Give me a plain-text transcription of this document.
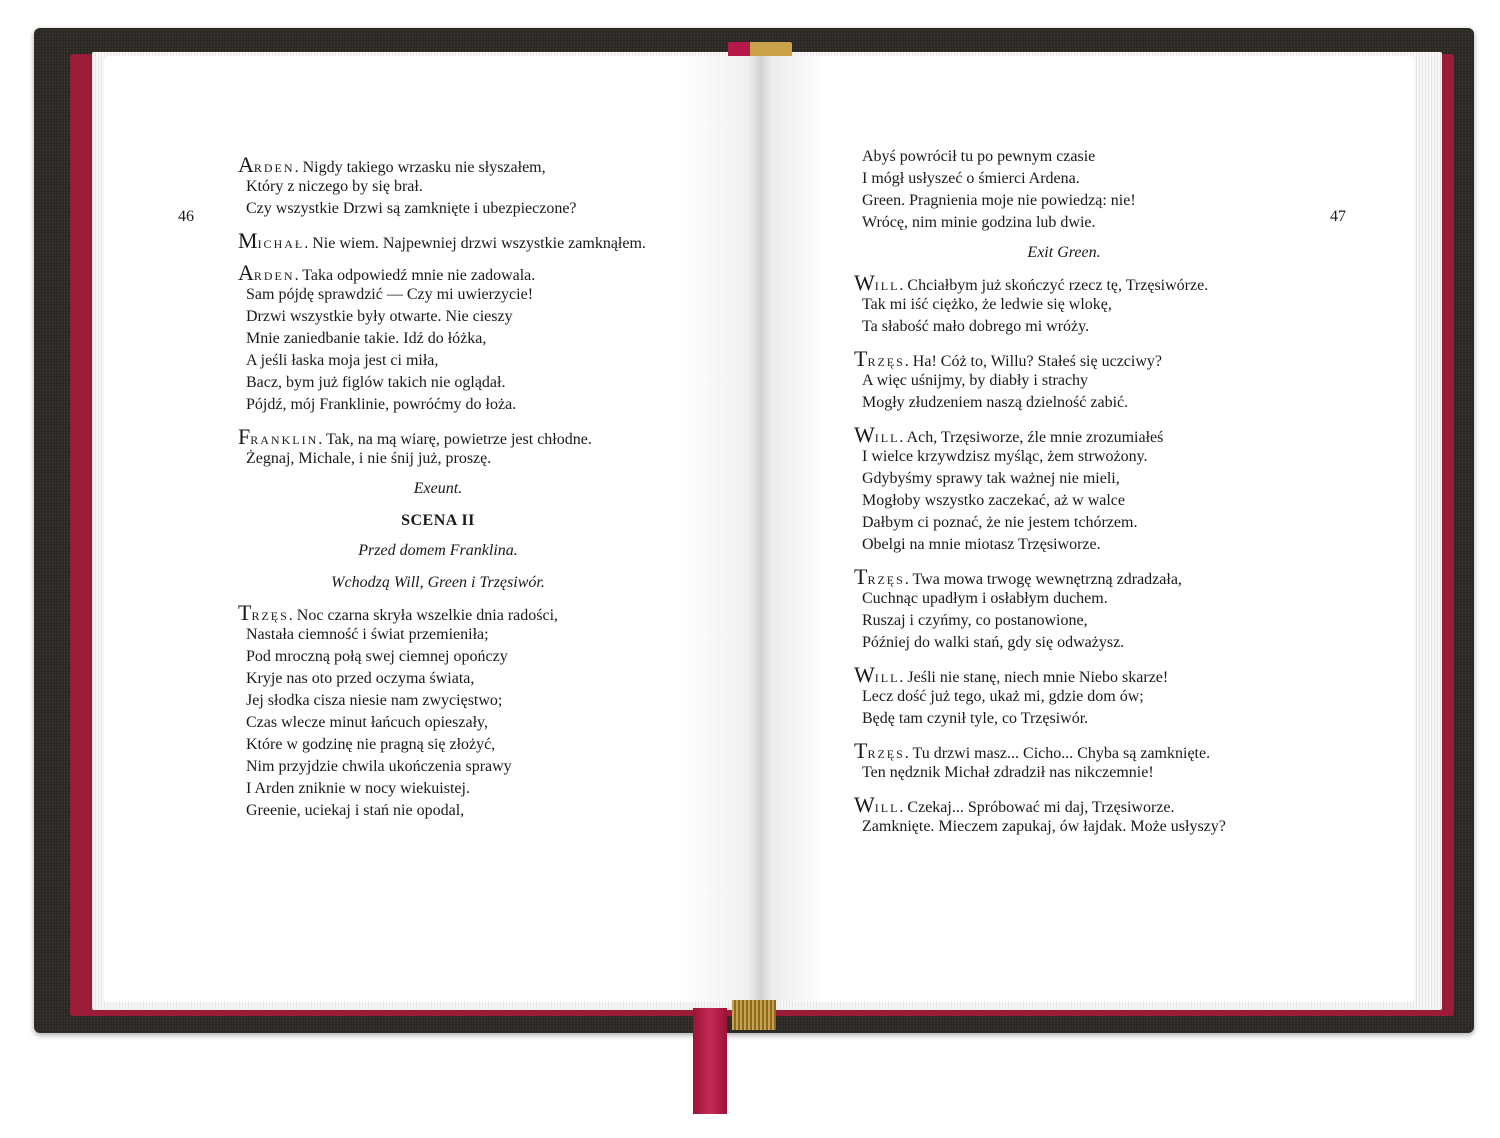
46
ARDEN. Nigdy takiego wrzasku nie słyszałem,
Który z niczego by się brał.
Czy wszystkie Drzwi są zamknięte i ubezpieczone?
MICHAŁ. Nie wiem. Najpewniej drzwi wszystkie zamknąłem.
ARDEN. Taka odpowiedź mnie nie zadowala.
Sam pójdę sprawdzić — Czy mi uwierzycie!
Drzwi wszystkie były otwarte. Nie cieszy
Mnie zaniedbanie takie. Idź do łóżka,
A jeśli łaska moja jest ci miła,
Bacz, bym już figlów takich nie oglądał.
Pójdź, mój Franklinie, powróćmy do łoża.
FRANKLIN. Tak, na mą wiarę, powietrze jest chłodne.
Żegnaj, Michale, i nie śnij już, proszę.
Exeunt.
SCENA II
Przed domem Franklina.
Wchodzą Will, Green i Trzęsiwór.
TRZĘS. Noc czarna skryła wszelkie dnia radości,
Nastała ciemność i świat przemieniła;
Pod mroczną połą swej ciemnej opończy
Kryje nas oto przed oczyma świata,
Jej słodka cisza niesie nam zwycięstwo;
Czas wlecze minut łańcuch opieszały,
Które w godzinę nie pragną się złożyć,
Nim przyjdzie chwila ukończenia sprawy
I Arden zniknie w nocy wiekuistej.
Greenie, uciekaj i stań nie opodal,
47
Abyś powrócił tu po pewnym czasie
I mógł usłyszeć o śmierci Ardena.
Green. Pragnienia moje nie powiedzą: nie!
Wrócę, nim minie godzina lub dwie.
Exit Green.
WILL. Chciałbym już skończyć rzecz tę, Trzęsiwórze.
Tak mi iść ciężko, że ledwie się wlokę,
Ta słabość mało dobrego mi wróży.
TRZĘS. Ha! Cóż to, Willu? Stałeś się uczciwy?
A więc uśnijmy, by diabły i strachy
Mogły złudzeniem naszą dzielność zabić.
WILL. Ach, Trzęsiworze, źle mnie zrozumiałeś
I wielce krzywdzisz myśląc, żem strwożony.
Gdybyśmy sprawy tak ważnej nie mieli,
Mogłoby wszystko zaczekać, aż w walce
Dałbym ci poznać, że nie jestem tchórzem.
Obelgi na mnie miotasz Trzęsiworze.
TRZĘS. Twa mowa trwogę wewnętrzną zdradzała,
Cuchnąc upadłym i osłabłym duchem.
Ruszaj i czyńmy, co postanowione,
Później do walki stań, gdy się odważysz.
WILL. Jeśli nie stanę, niech mnie Niebo skarze!
Lecz dość już tego, ukaż mi, gdzie dom ów;
Będę tam czynił tyle, co Trzęsiwór.
TRZĘS. Tu drzwi masz... Cicho... Chyba są zamknięte.
Ten nędznik Michał zdradził nas nikczemnie!
WILL. Czekaj... Spróbować mi daj, Trzęsiworze.
Zamknięte. Mieczem zapukaj, ów łajdak. Może usłyszy?
